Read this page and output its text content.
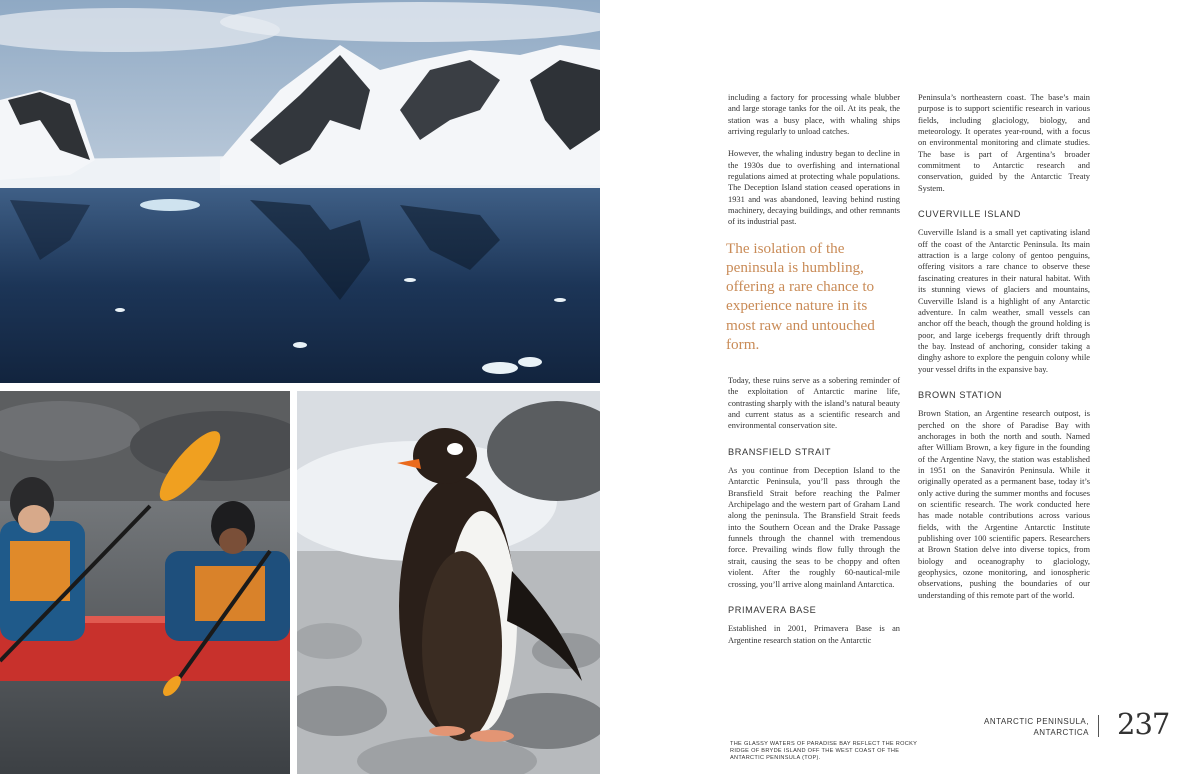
including a factory for processing whale blubber and large storage tanks for the oil. At its peak, the station was a busy place, with whaling ships arriving regularly to unload catches.

However, the whaling industry began to decline in the 1930s due to overfishing and international regulations aimed at protecting whale populations. The Deception Island station ceased operations in 1931 and was abandoned, leaving behind rusting machinery, decaying buildings, and other remnants of its industrial past.

The isolation of the peninsula is humbling, offering a rare chance to experience nature in its most raw and untouched form.

Today, these ruins serve as a sobering reminder of the exploitation of Antarctic marine life, contrasting sharply with the island’s natural beauty and current status as a scientific research and environmental conservation site.

BRANSFIELD STRAIT

As you continue from Deception Island to the Antarctic Peninsula, you’ll pass through the Bransfield Strait before reaching the Palmer Archipelago and the western part of Graham Land along the peninsula. The Bransfield Strait feeds into the Southern Ocean and the Drake Passage funnels through the channel with tremendous force. Prevailing winds flow fully through the strait, causing the seas to be choppy and often violent. After the roughly 60-nautical-mile crossing, you’ll arrive along mainland Antarctica.

PRIMAVERA BASE

Established in 2001, Primavera Base is an Argentine research station on the Antarctic

Peninsula’s northeastern coast. The base’s main purpose is to support scientific research in various fields, including glaciology, biology, and meteorology. It operates year-round, with a focus on environmental monitoring and climate studies. The base is part of Argentina’s broader commitment to Antarctic research and conservation, guided by the Antarctic Treaty System.

CUVERVILLE ISLAND

Cuverville Island is a small yet captivating island off the coast of the Antarctic Peninsula. Its main attraction is a large colony of gentoo penguins, offering visitors a rare chance to observe these fascinating creatures in their natural habitat. With its stunning views of glaciers and mountains, Cuverville Island is a highlight of any Antarctic adventure. In calm weather, small vessels can anchor off the beach, though the ground holding is poor, and large icebergs frequently drift through the bay. Instead of anchoring, consider taking a dinghy ashore to explore the penguin colony while your vessel drifts in the expansive bay.

BROWN STATION

Brown Station, an Argentine research outpost, is perched on the shore of Paradise Bay with anchorages in both the north and south. Named after William Brown, a key figure in the founding of the Argentine Navy, the station was established in 1951 on the Sanavirón Peninsula. While it originally operated as a permanent base, today it’s only active during the summer months and focuses on scientific research. The work conducted here has made notable contributions across various fields, with the Argentine Antarctic Institute publishing over 100 scientific papers. Researchers at Brown Station delve into diverse topics, from biology and oceanography to glaciology, geophysics, ozone monitoring, and ionospheric observations, pushing the boundaries of our understanding of this remote part of the world.

THE GLASSY WATERS OF PARADISE BAY REFLECT THE ROCKY RIDGE OF BRYDE ISLAND OFF THE WEST COAST OF THE ANTARCTIC PENINSULA (TOP).
ANTARCTIC PENINSULA,
ANTARCTICA 237
